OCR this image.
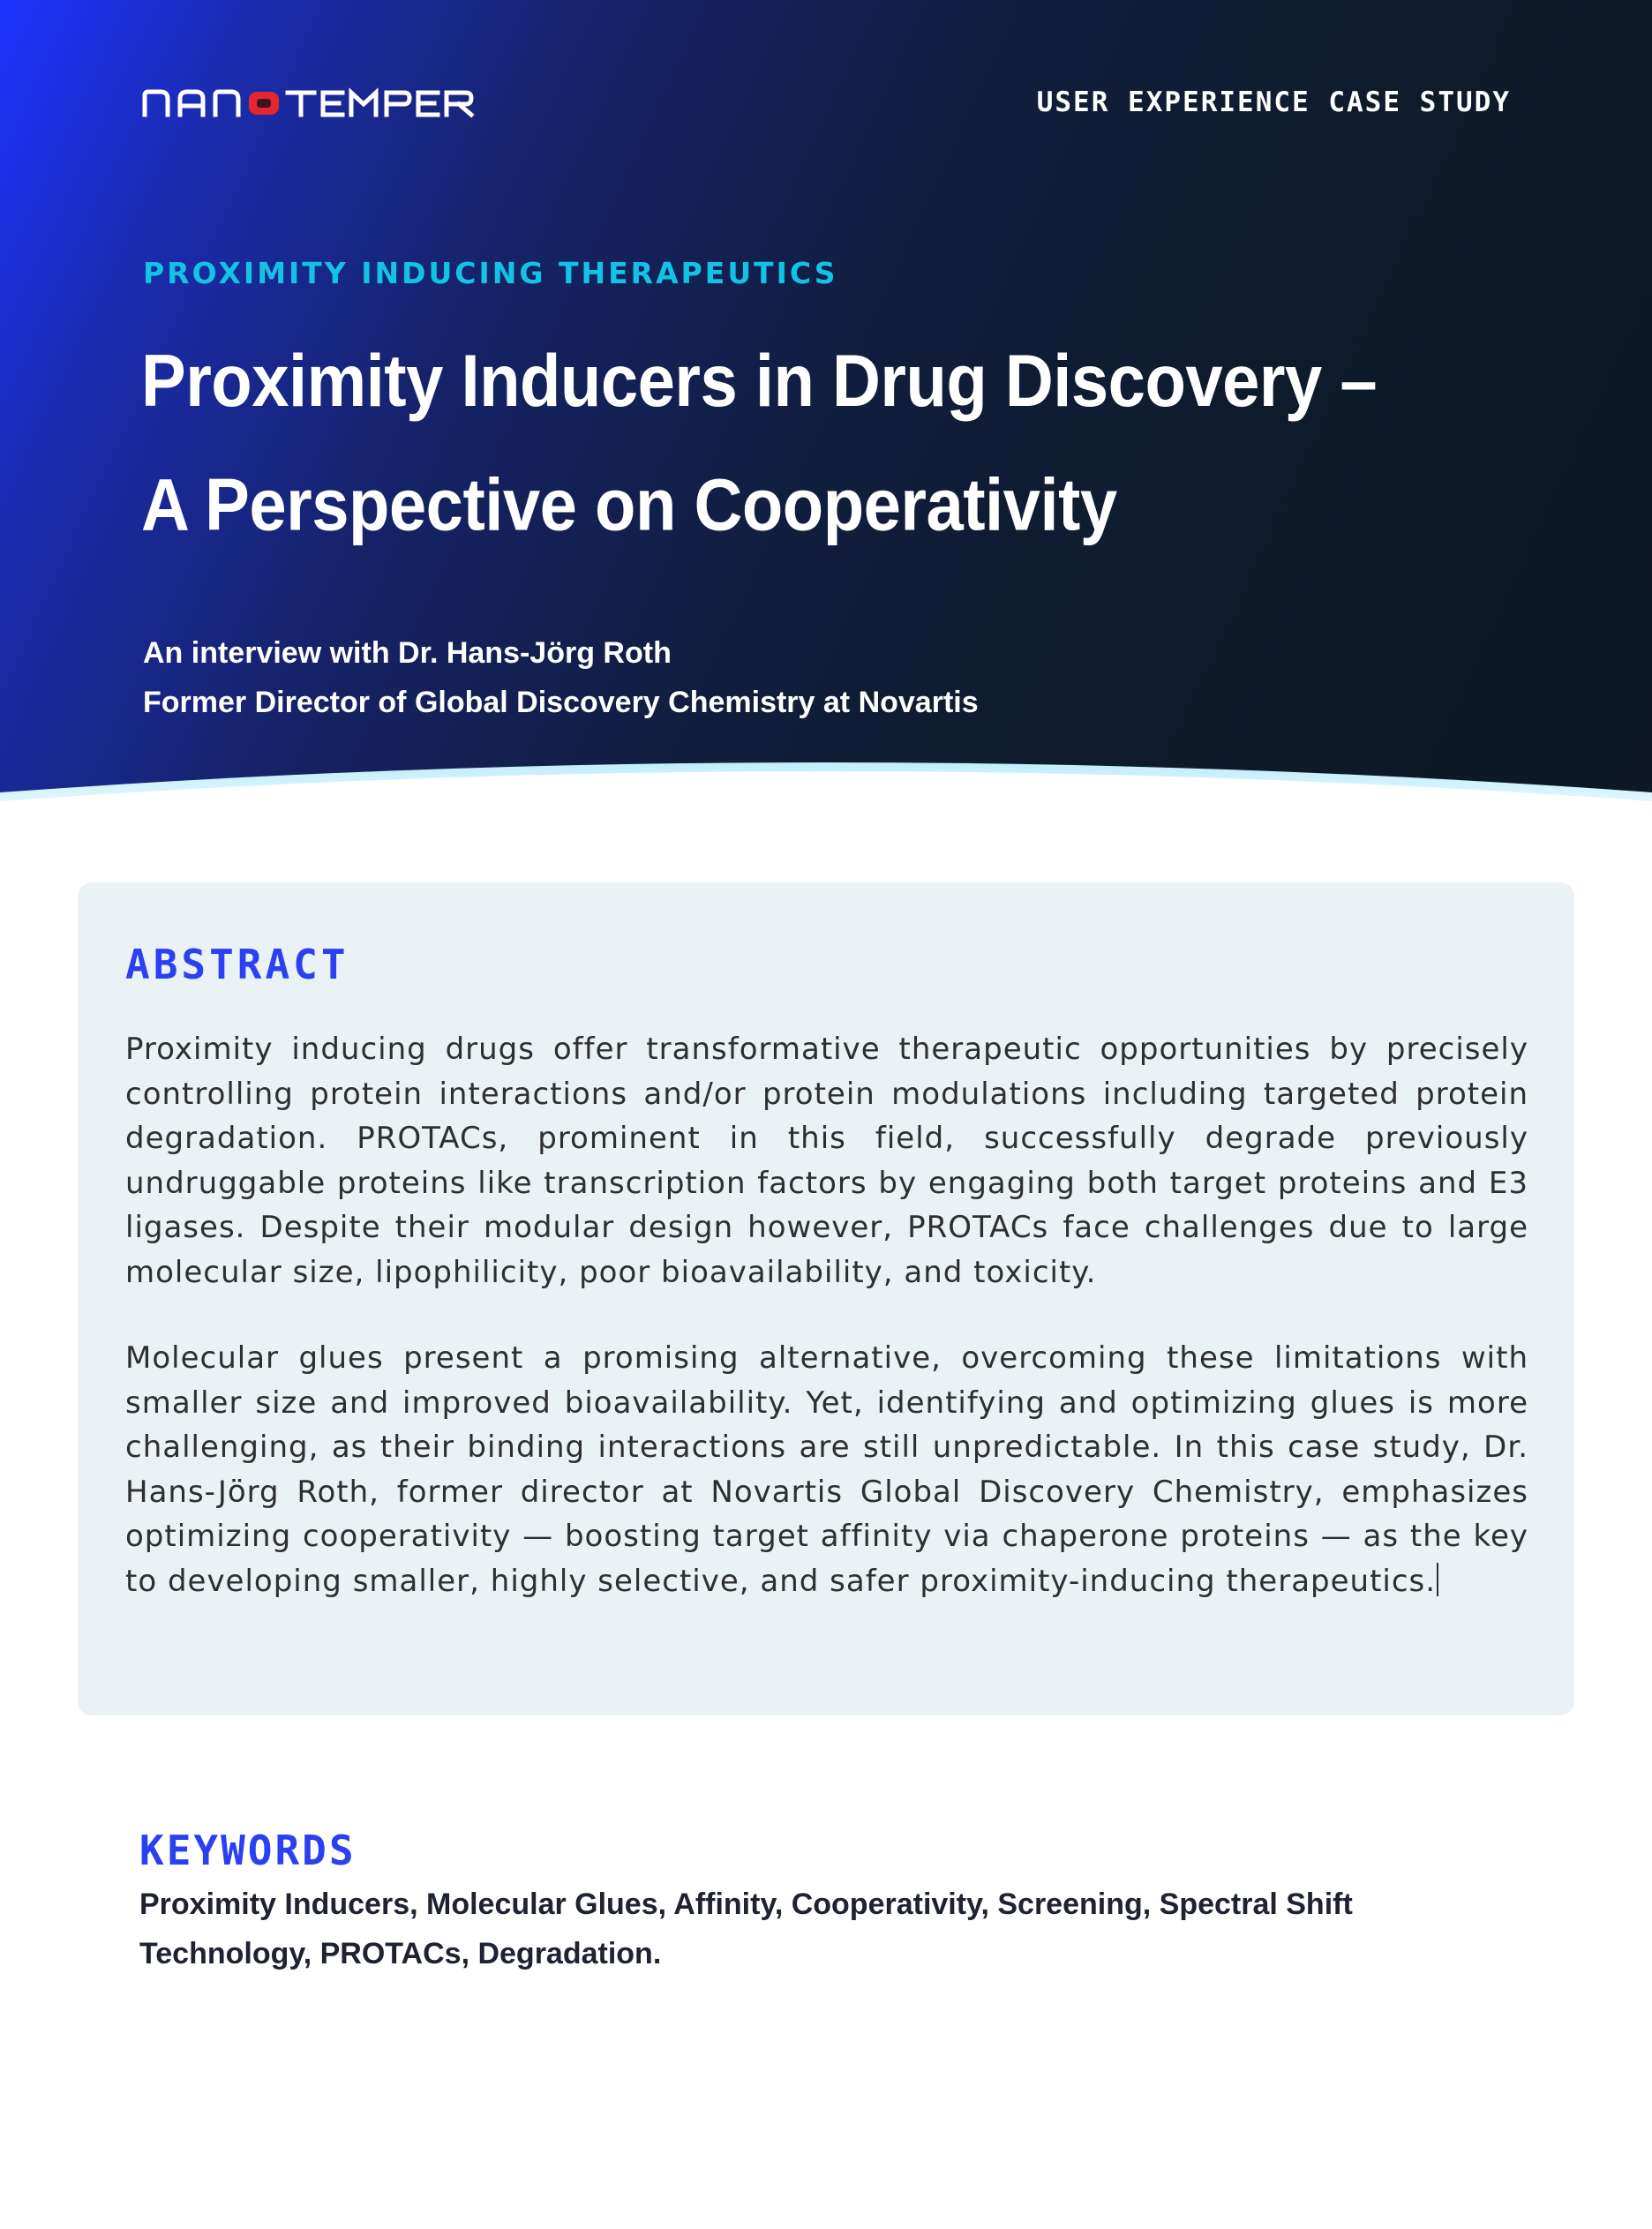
USER EXPERIENCE CASE STUDY
PROXIMITY INDUCING THERAPEUTICS
Proximity Inducers in Drug Discovery –
A Perspective on Cooperativity
An interview with Dr. Hans-Jörg Roth
Former Director of Global Discovery Chemistry at Novartis
ABSTRACT

Proximity inducing drugs offer transformative therapeutic opportunities by precisely controlling protein interactions and/or protein modulations including targeted protein degradation. PROTACs, prominent in this field, successfully degrade previously undruggable proteins like transcription factors by engaging both target proteins and E3 ligases. Despite their modular design however, PROTACs face challenges due to large molecular size, lipophilicity, poor bioavailability, and toxicity.

Molecular glues present a promising alternative, overcoming these limitations with smaller size and improved bioavailability. Yet, identifying and optimizing glues is more challenging, as their binding interactions are still unpredictable. In this case study, Dr. Hans-Jörg Roth, former director at Novartis Global Discovery Chemistry, emphasizes optimizing cooperativity — boosting target affinity via chaperone proteins — as the key to developing smaller, highly selective, and safer proximity-inducing therapeutics.

KEYWORDS
Proximity Inducers, Molecular Glues, Affinity, Cooperativity, Screening, Spectral Shift Technology, PROTACs, Degradation.
